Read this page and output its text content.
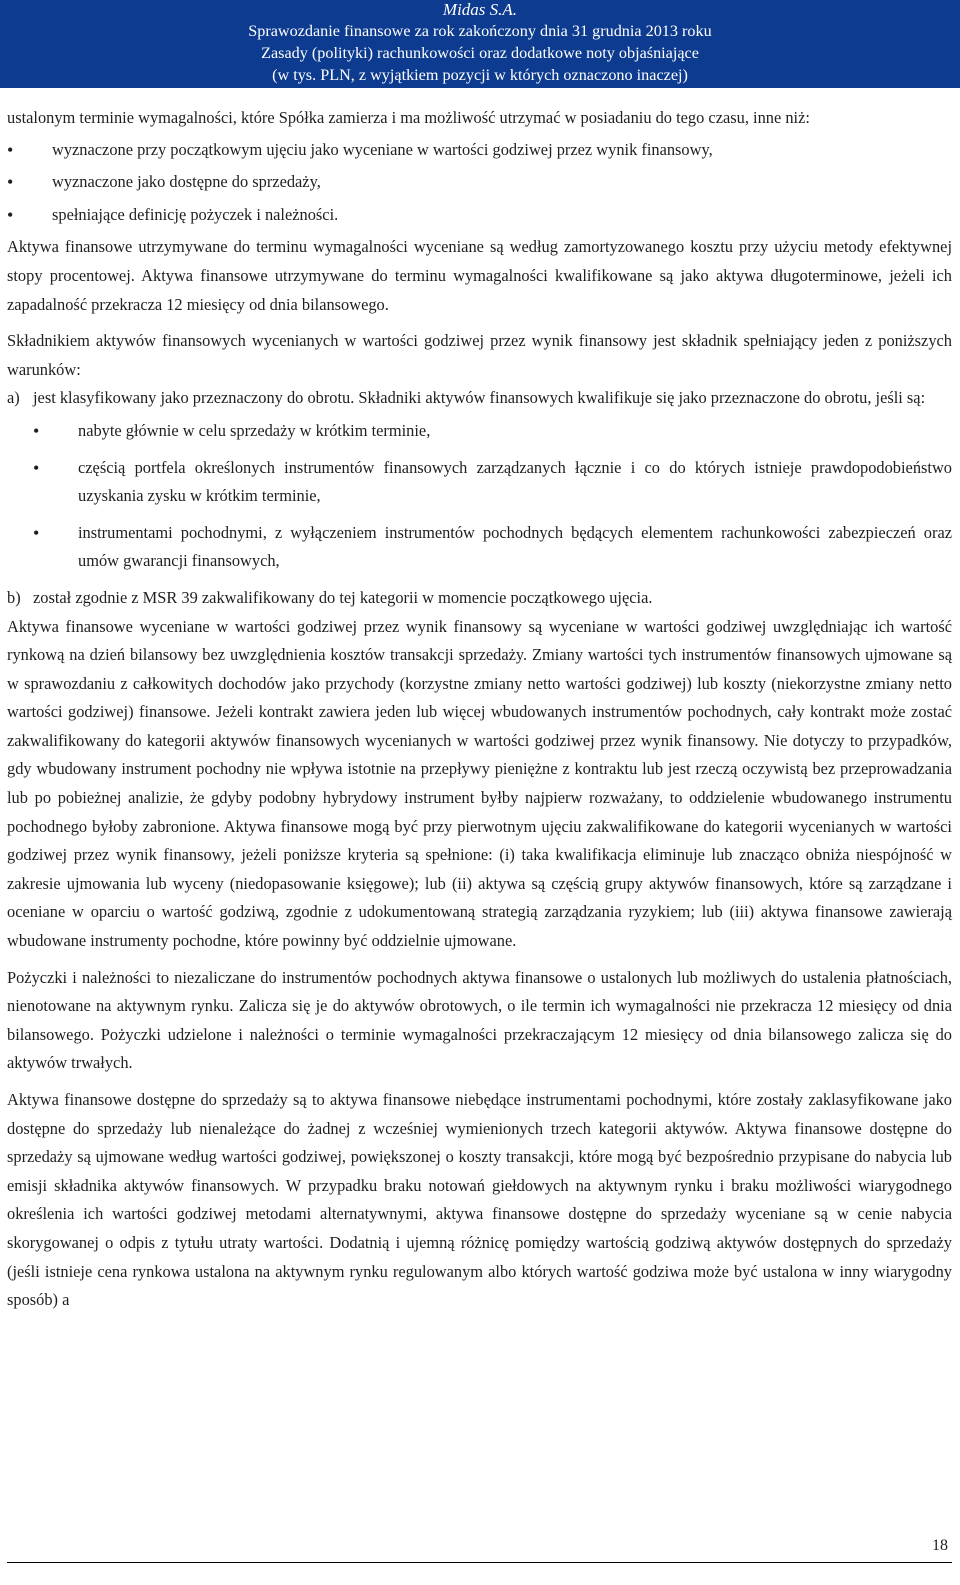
Midas S.A.
Sprawozdanie finansowe za rok zakończony dnia 31 grudnia 2013 roku
Zasady (polityki) rachunkowości oraz dodatkowe noty objaśniające
(w tys. PLN, z wyjątkiem pozycji w których oznaczono inaczej)

ustalonym terminie wymagalności, które Spółka zamierza i ma możliwość utrzymać w posiadaniu do tego czasu, inne niż:

• wyznaczone przy początkowym ujęciu jako wyceniane w wartości godziwej przez wynik finansowy,
• wyznaczone jako dostępne do sprzedaży,
• spełniające definicję pożyczek i należności.

Aktywa finansowe utrzymywane do terminu wymagalności wyceniane są według zamortyzowanego kosztu przy użyciu metody efektywnej stopy procentowej. Aktywa finansowe utrzymywane do terminu wymagalności kwalifikowane są jako aktywa długoterminowe, jeżeli ich zapadalność przekracza 12 miesięcy od dnia bilansowego.

Składnikiem aktywów finansowych wycenianych w wartości godziwej przez wynik finansowy jest składnik spełniający jeden z poniższych warunków:

a) jest klasyfikowany jako przeznaczony do obrotu. Składniki aktywów finansowych kwalifikuje się jako przeznaczone do obrotu, jeśli są:
• nabyte głównie w celu sprzedaży w krótkim terminie,
• częścią portfela określonych instrumentów finansowych zarządzanych łącznie i co do których istnieje prawdopodobieństwo uzyskania zysku w krótkim terminie,
• instrumentami pochodnymi, z wyłączeniem instrumentów pochodnych będących elementem rachunkowości zabezpieczeń oraz umów gwarancji finansowych,
b) został zgodnie z MSR 39 zakwalifikowany do tej kategorii w momencie początkowego ujęcia.

Aktywa finansowe wyceniane w wartości godziwej przez wynik finansowy są wyceniane w wartości godziwej uwzględniając ich wartość rynkową na dzień bilansowy bez uwzględnienia kosztów transakcji sprzedaży. Zmiany wartości tych instrumentów finansowych ujmowane są w sprawozdaniu z całkowitych dochodów jako przychody (korzystne zmiany netto wartości godziwej) lub koszty (niekorzystne zmiany netto wartości godziwej) finansowe. Jeżeli kontrakt zawiera jeden lub więcej wbudowanych instrumentów pochodnych, cały kontrakt może zostać zakwalifikowany do kategorii aktywów finansowych wycenianych w wartości godziwej przez wynik finansowy. Nie dotyczy to przypadków, gdy wbudowany instrument pochodny nie wpływa istotnie na przepływy pieniężne z kontraktu lub jest rzeczą oczywistą bez przeprowadzania lub po pobieżnej analizie, że gdyby podobny hybrydowy instrument byłby najpierw rozważany, to oddzielenie wbudowanego instrumentu pochodnego byłoby zabronione. Aktywa finansowe mogą być przy pierwotnym ujęciu zakwalifikowane do kategorii wycenianych w wartości godziwej przez wynik finansowy, jeżeli poniższe kryteria są spełnione: (i) taka kwalifikacja eliminuje lub znacząco obniża niespójność w zakresie ujmowania lub wyceny (niedopasowanie księgowe); lub (ii) aktywa są częścią grupy aktywów finansowych, które są zarządzane i oceniane w oparciu o wartość godziwą, zgodnie z udokumentowaną strategią zarządzania ryzykiem; lub (iii) aktywa finansowe zawierają wbudowane instrumenty pochodne, które powinny być oddzielnie ujmowane.

Pożyczki i należności to niezaliczane do instrumentów pochodnych aktywa finansowe o ustalonych lub możliwych do ustalenia płatnościach, nienotowane na aktywnym rynku. Zalicza się je do aktywów obrotowych, o ile termin ich wymagalności nie przekracza 12 miesięcy od dnia bilansowego. Pożyczki udzielone i należności o terminie wymagalności przekraczającym 12 miesięcy od dnia bilansowego zalicza się do aktywów trwałych.

Aktywa finansowe dostępne do sprzedaży są to aktywa finansowe niebędące instrumentami pochodnymi, które zostały zaklasyfikowane jako dostępne do sprzedaży lub nienależące do żadnej z wcześniej wymienionych trzech kategorii aktywów. Aktywa finansowe dostępne do sprzedaży są ujmowane według wartości godziwej, powiększonej o koszty transakcji, które mogą być bezpośrednio przypisane do nabycia lub emisji składnika aktywów finansowych. W przypadku braku notowań giełdowych na aktywnym rynku i braku możliwości wiarygodnego określenia ich wartości godziwej metodami alternatywnymi, aktywa finansowe dostępne do sprzedaży wyceniane są w cenie nabycia skorygowanej o odpis z tytułu utraty wartości. Dodatnią i ujemną różnicę pomiędzy wartością godziwą aktywów dostępnych do sprzedaży (jeśli istnieje cena rynkowa ustalona na aktywnym rynku regulowanym albo których wartość godziwa może być ustalona w inny wiarygodny sposób) a

18
